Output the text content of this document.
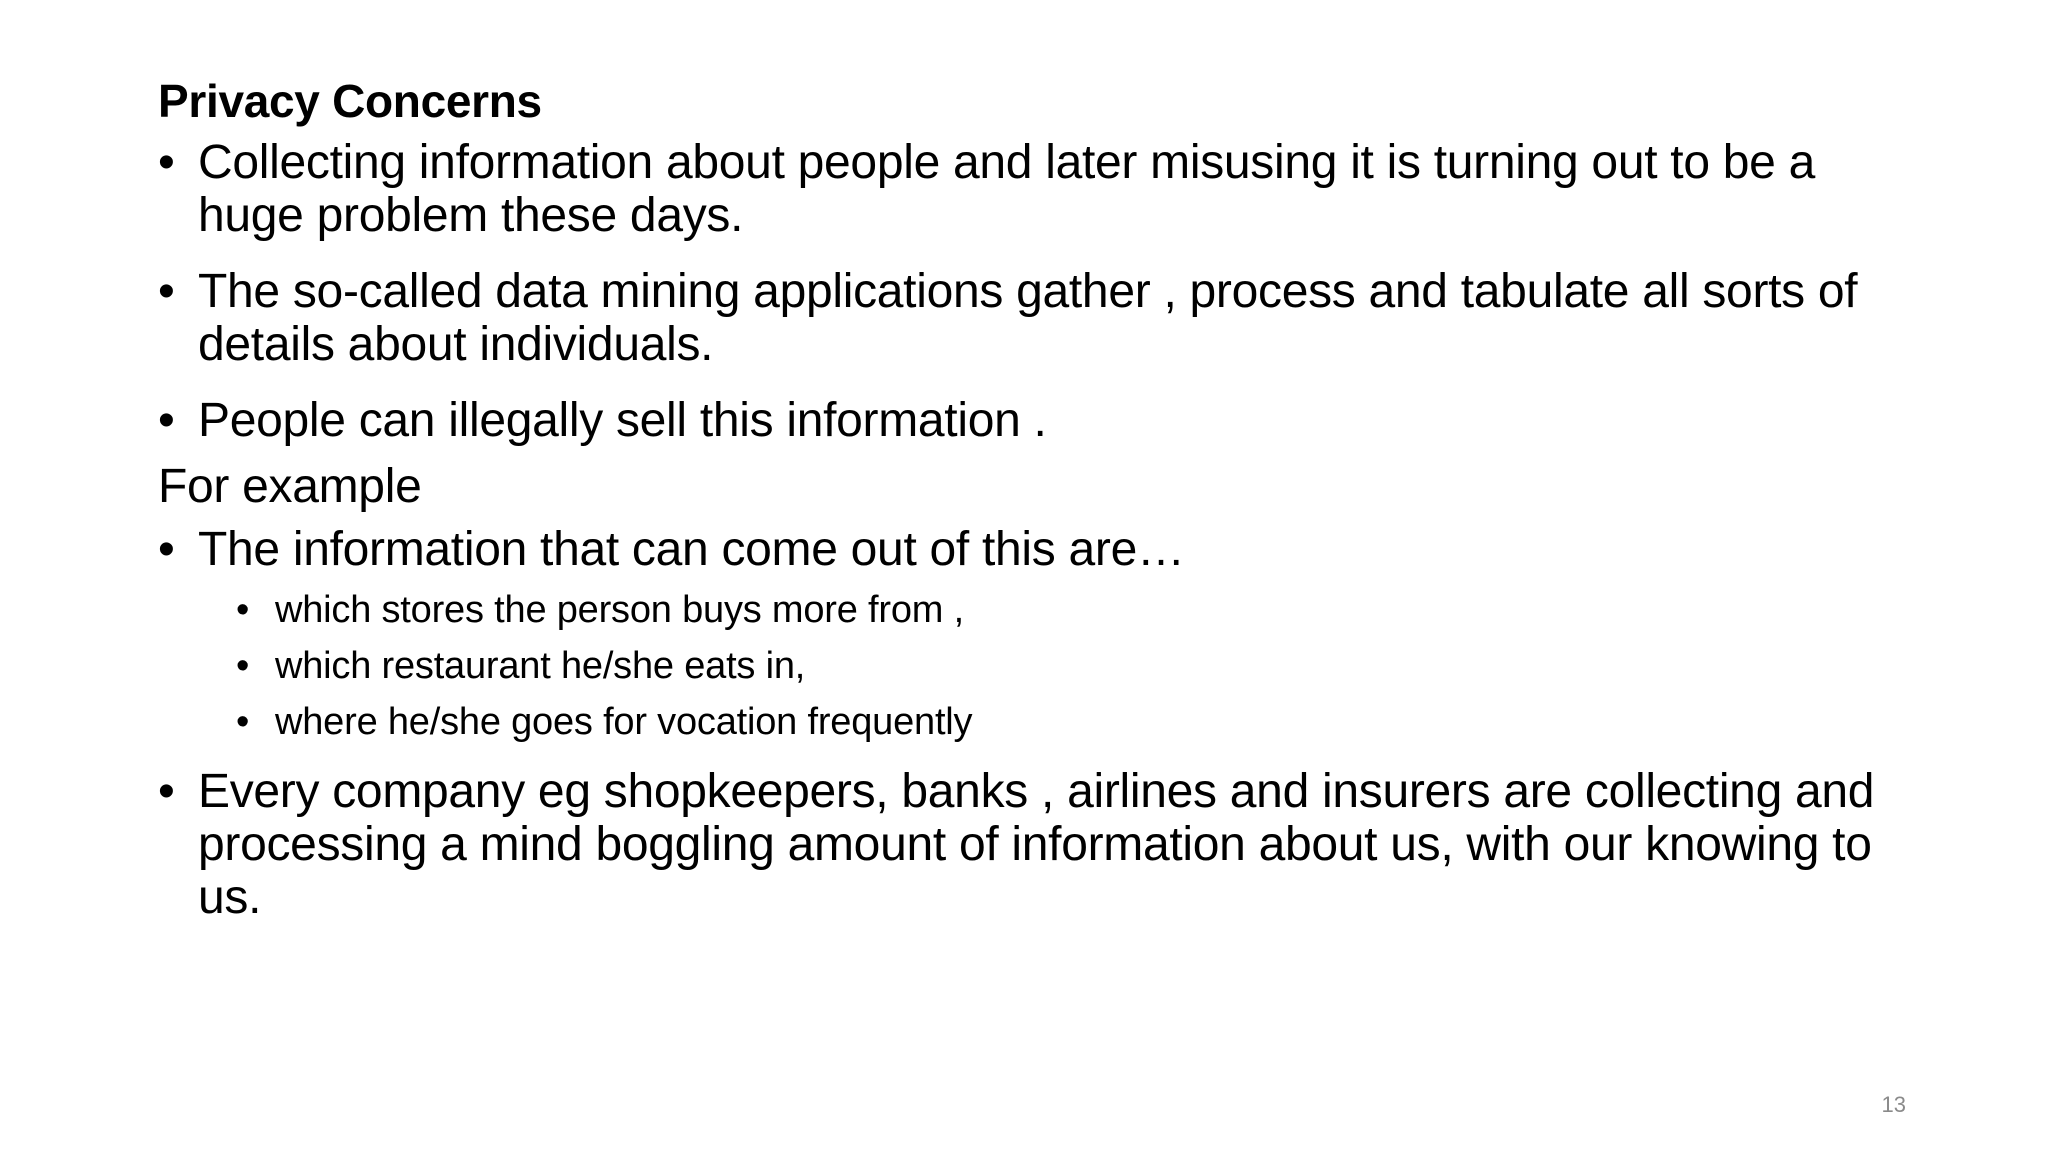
Privacy Concerns
• Collecting information about people and later misusing it is turning out to be a huge problem these days.
• The so-called data mining applications gather , process and tabulate all sorts of details about individuals.
• People can illegally sell this information .
For example
• The information that can come out of this are…
• which stores the person buys more from ,
• which restaurant he/she eats in,
• where he/she goes for vocation frequently
• Every company eg shopkeepers, banks , airlines and insurers are collecting and processing a mind boggling amount of information about us, with our knowing to us.
13
